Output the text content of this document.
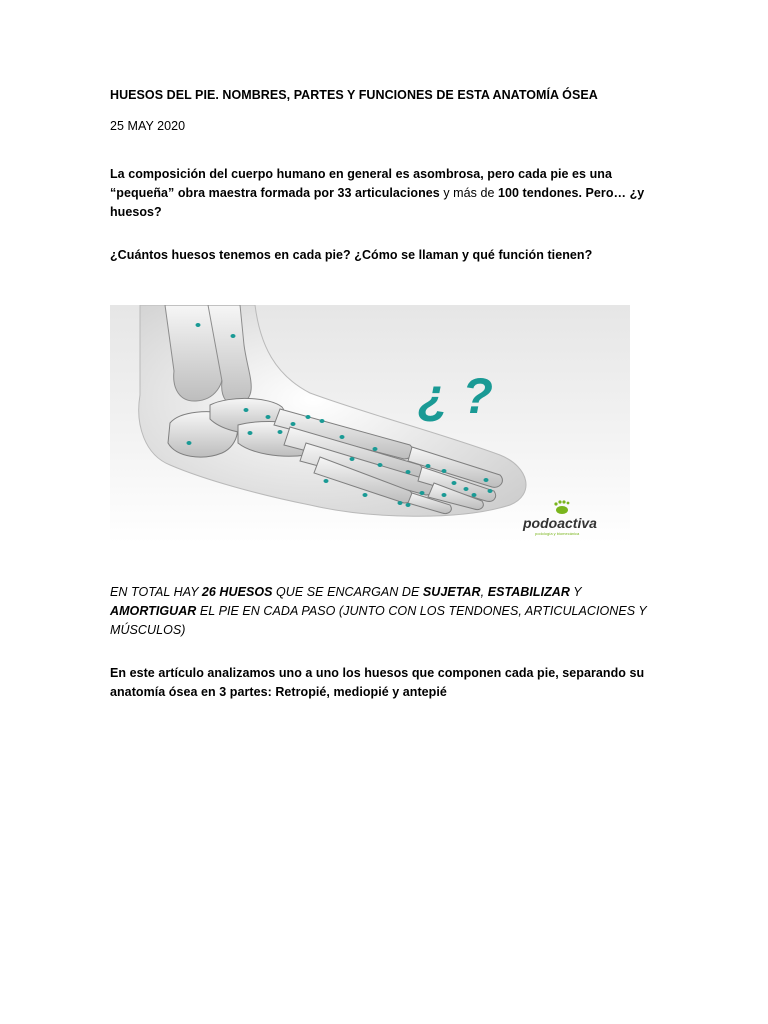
HUESOS DEL PIE. NOMBRES, PARTES Y FUNCIONES DE ESTA ANATOMÍA ÓSEA
25 MAY 2020
La composición del cuerpo humano en general es asombrosa, pero cada pie es una “pequeña” obra maestra formada por 33 articulaciones y más de 100 tendones. Pero… ¿y huesos?
¿Cuántos huesos tenemos en cada pie? ¿Cómo se llaman y qué función tienen?
¿ ?
podoactiva
podología y biomecánica
EN TOTAL HAY 26 HUESOS QUE SE ENCARGAN DE SUJETAR, ESTABILIZAR Y AMORTIGUAR EL PIE EN CADA PASO (JUNTO CON LOS TENDONES, ARTICULACIONES Y MÚSCULOS)
En este artículo analizamos uno a uno los huesos que componen cada pie, separando su anatomía ósea en 3 partes: Retropié, mediopié y antepié
